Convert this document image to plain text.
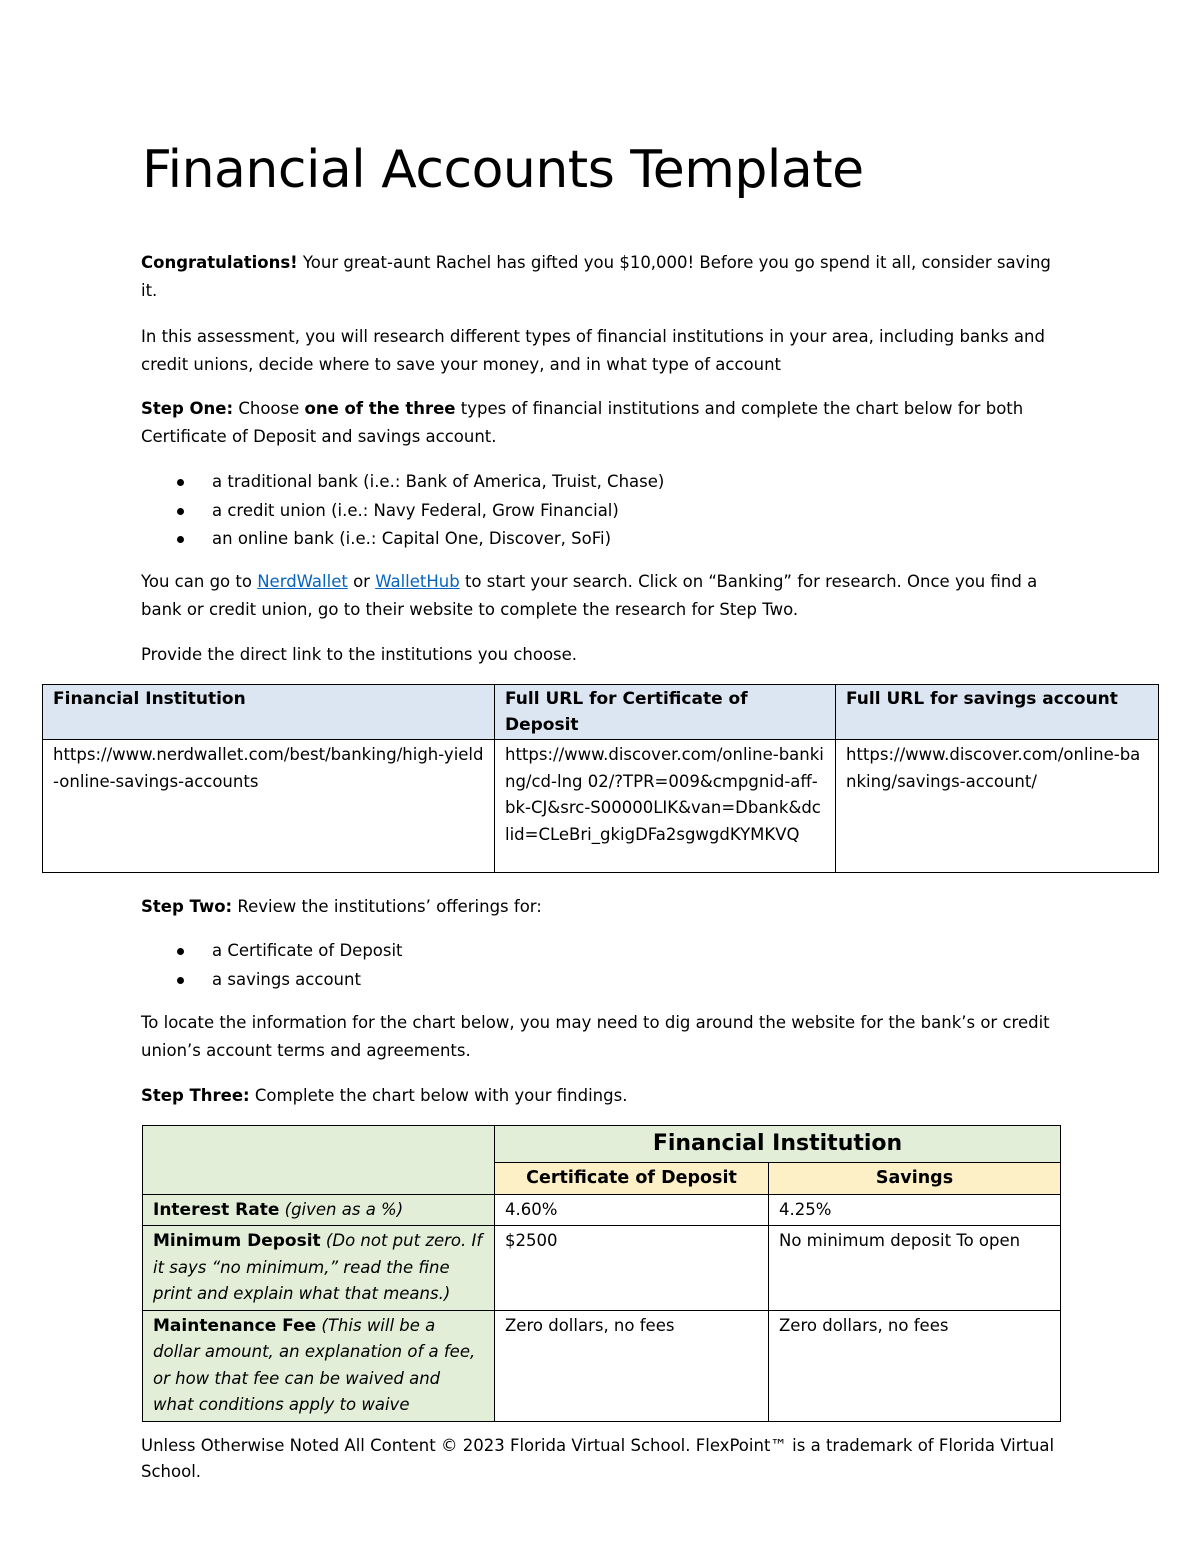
Financial Accounts Template

Congratulations! Your great-aunt Rachel has gifted you $10,000! Before you go spend it all, consider saving it.

In this assessment, you will research different types of financial institutions in your area, including banks and credit unions, decide where to save your money, and in what type of account

Step One: Choose one of the three types of financial institutions and complete the chart below for both Certificate of Deposit and savings account.

a traditional bank (i.e.: Bank of America, Truist, Chase)
a credit union (i.e.: Navy Federal, Grow Financial)
an online bank (i.e.: Capital One, Discover, SoFi)

You can go to NerdWallet or WalletHub to start your search. Click on “Banking” for research. Once you find a bank or credit union, go to their website to complete the research for Step Two.

Provide the direct link to the institutions you choose.

Financial Institution	Full URL for Certificate of Deposit	Full URL for savings account
https://www.nerdwallet.com/best/banking/high-yield-online-savings-accounts	https://www.discover.com/online-banking/cd-lng 02/?TPR=009&cmpgnid-aff-bk-CJ&src-S00000LIK&van=Dbank&dclid=CLeBri_gkigDFa2sgwgdKYMKVQ	https://www.discover.com/online-banking/savings-account/

Step Two: Review the institutions’ offerings for:

a Certificate of Deposit
a savings account

To locate the information for the chart below, you may need to dig around the website for the bank’s or credit union’s account terms and agreements.

Step Three: Complete the chart below with your findings.

	Financial Institution	
	Certificate of Deposit	Savings
Interest Rate (given as a %)	4.60%	4.25%
Minimum Deposit (Do not put zero. If it says “no minimum,” read the fine print and explain what that means.)	$2500	No minimum deposit To open
Maintenance Fee (This will be a dollar amount, an explanation of a fee, or how that fee can be waived and what conditions apply to waive	Zero dollars, no fees	Zero dollars, no fees

Unless Otherwise Noted All Content © 2023 Florida Virtual School. FlexPoint™ is a trademark of Florida Virtual School.
